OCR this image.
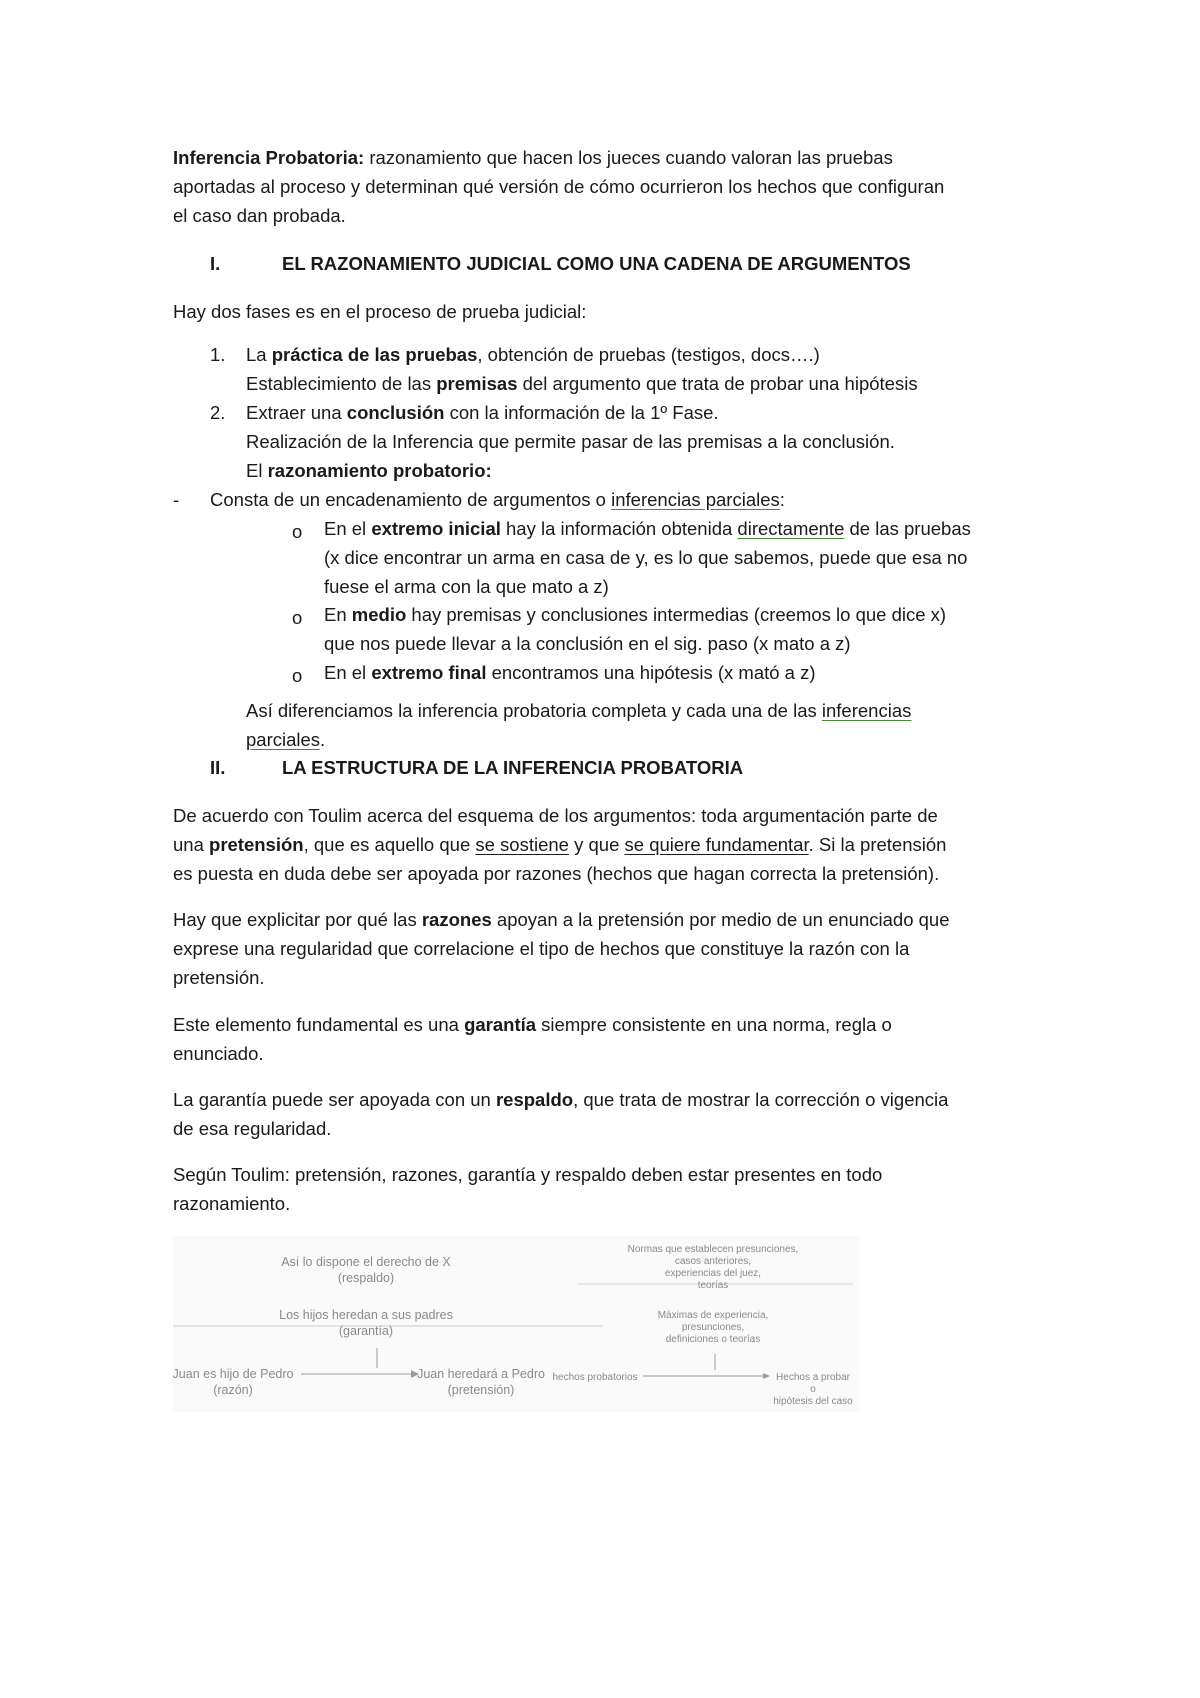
Inferencia Probatoria: razonamiento que hacen los jueces cuando valoran las pruebas
aportadas al proceso y determinan qué versión de cómo ocurrieron los hechos que configuran
el caso dan probada.

I.	EL RAZONAMIENTO JUDICIAL COMO UNA CADENA DE ARGUMENTOS

Hay dos fases es en el proceso de prueba judicial:

1. La práctica de las pruebas, obtención de pruebas (testigos, docs….)
Establecimiento de las premisas del argumento que trata de probar una hipótesis
2. Extraer una conclusión con la información de la 1º Fase.
Realización de la Inferencia que permite pasar de las premisas a la conclusión.
El razonamiento probatorio:
- Consta de un encadenamiento de argumentos o inferencias parciales:
o En el extremo inicial hay la información obtenida directamente de las pruebas
(x dice encontrar un arma en casa de y, es lo que sabemos, puede que esa no
fuese el arma con la que mato a z)
o En medio hay premisas y conclusiones intermedias (creemos lo que dice x)
que nos puede llevar a la conclusión en el sig. paso (x mato a z)
o En el extremo final encontramos una hipótesis (x mató a z)
Así diferenciamos la inferencia probatoria completa y cada una de las inferencias
parciales.
II.	LA ESTRUCTURA DE LA INFERENCIA PROBATORIA

De acuerdo con Toulim acerca del esquema de los argumentos: toda argumentación parte de
una pretensión, que es aquello que se sostiene y que se quiere fundamentar. Si la pretensión
es puesta en duda debe ser apoyada por razones (hechos que hagan correcta la pretensión).

Hay que explicitar por qué las razones apoyan a la pretensión por medio de un enunciado que
exprese una regularidad que correlacione el tipo de hechos que constituye la razón con la
pretensión.

Este elemento fundamental es una garantía siempre consistente en una norma, regla o
enunciado.

La garantía puede ser apoyada con un respaldo, que trata de mostrar la corrección o vigencia
de esa regularidad.

Según Toulim: pretensión, razones, garantía y respaldo deben estar presentes en todo
razonamiento.

Así lo dispone el derecho de X
(respaldo)
Los hijos heredan a sus padres
(garantía)
Juan es hijo de Pedro
(razón)
Juan heredará a Pedro
(pretensión)
Normas que establecen presunciones,
casos anteriores,
experiencias del juez,
teorías
Máximas de experiencia,
presunciones,
definiciones o teorías
hechos probatorios	Hechos a probar
o
hipótesis del caso
